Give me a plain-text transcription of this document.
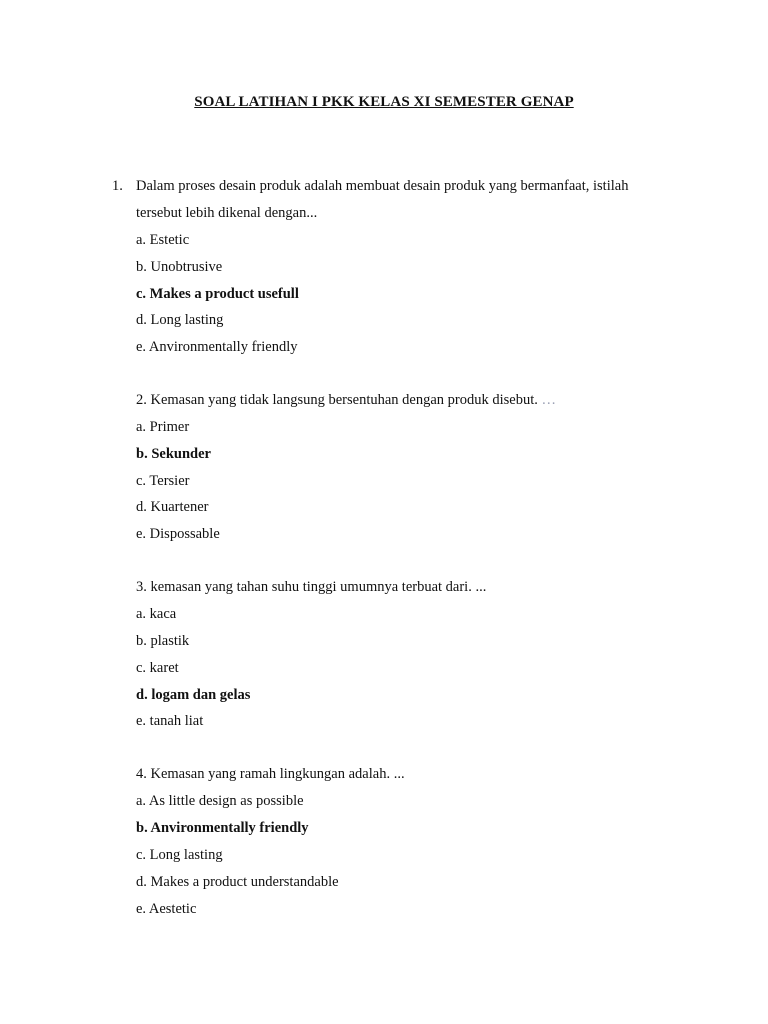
SOAL LATIHAN I PKK KELAS XI SEMESTER GENAP
1. Dalam proses desain produk adalah membuat desain produk yang bermanfaat, istilah
tersebut lebih dikenal dengan...
a. Estetic
b. Unobtrusive
c. Makes a product usefull
d. Long lasting
e. Anvironmentally friendly
2. Kemasan yang tidak langsung bersentuhan dengan produk disebut. …
a. Primer
b. Sekunder
c. Tersier
d. Kuartener
e. Dispossable
3. kemasan yang tahan suhu tinggi umumnya terbuat dari. ...
a. kaca
b. plastik
c. karet
d. logam dan gelas
e. tanah liat
4. Kemasan yang ramah lingkungan adalah. ...
a. As little design as possible
b. Anvironmentally friendly
c. Long lasting
d. Makes a product understandable
e. Aestetic
